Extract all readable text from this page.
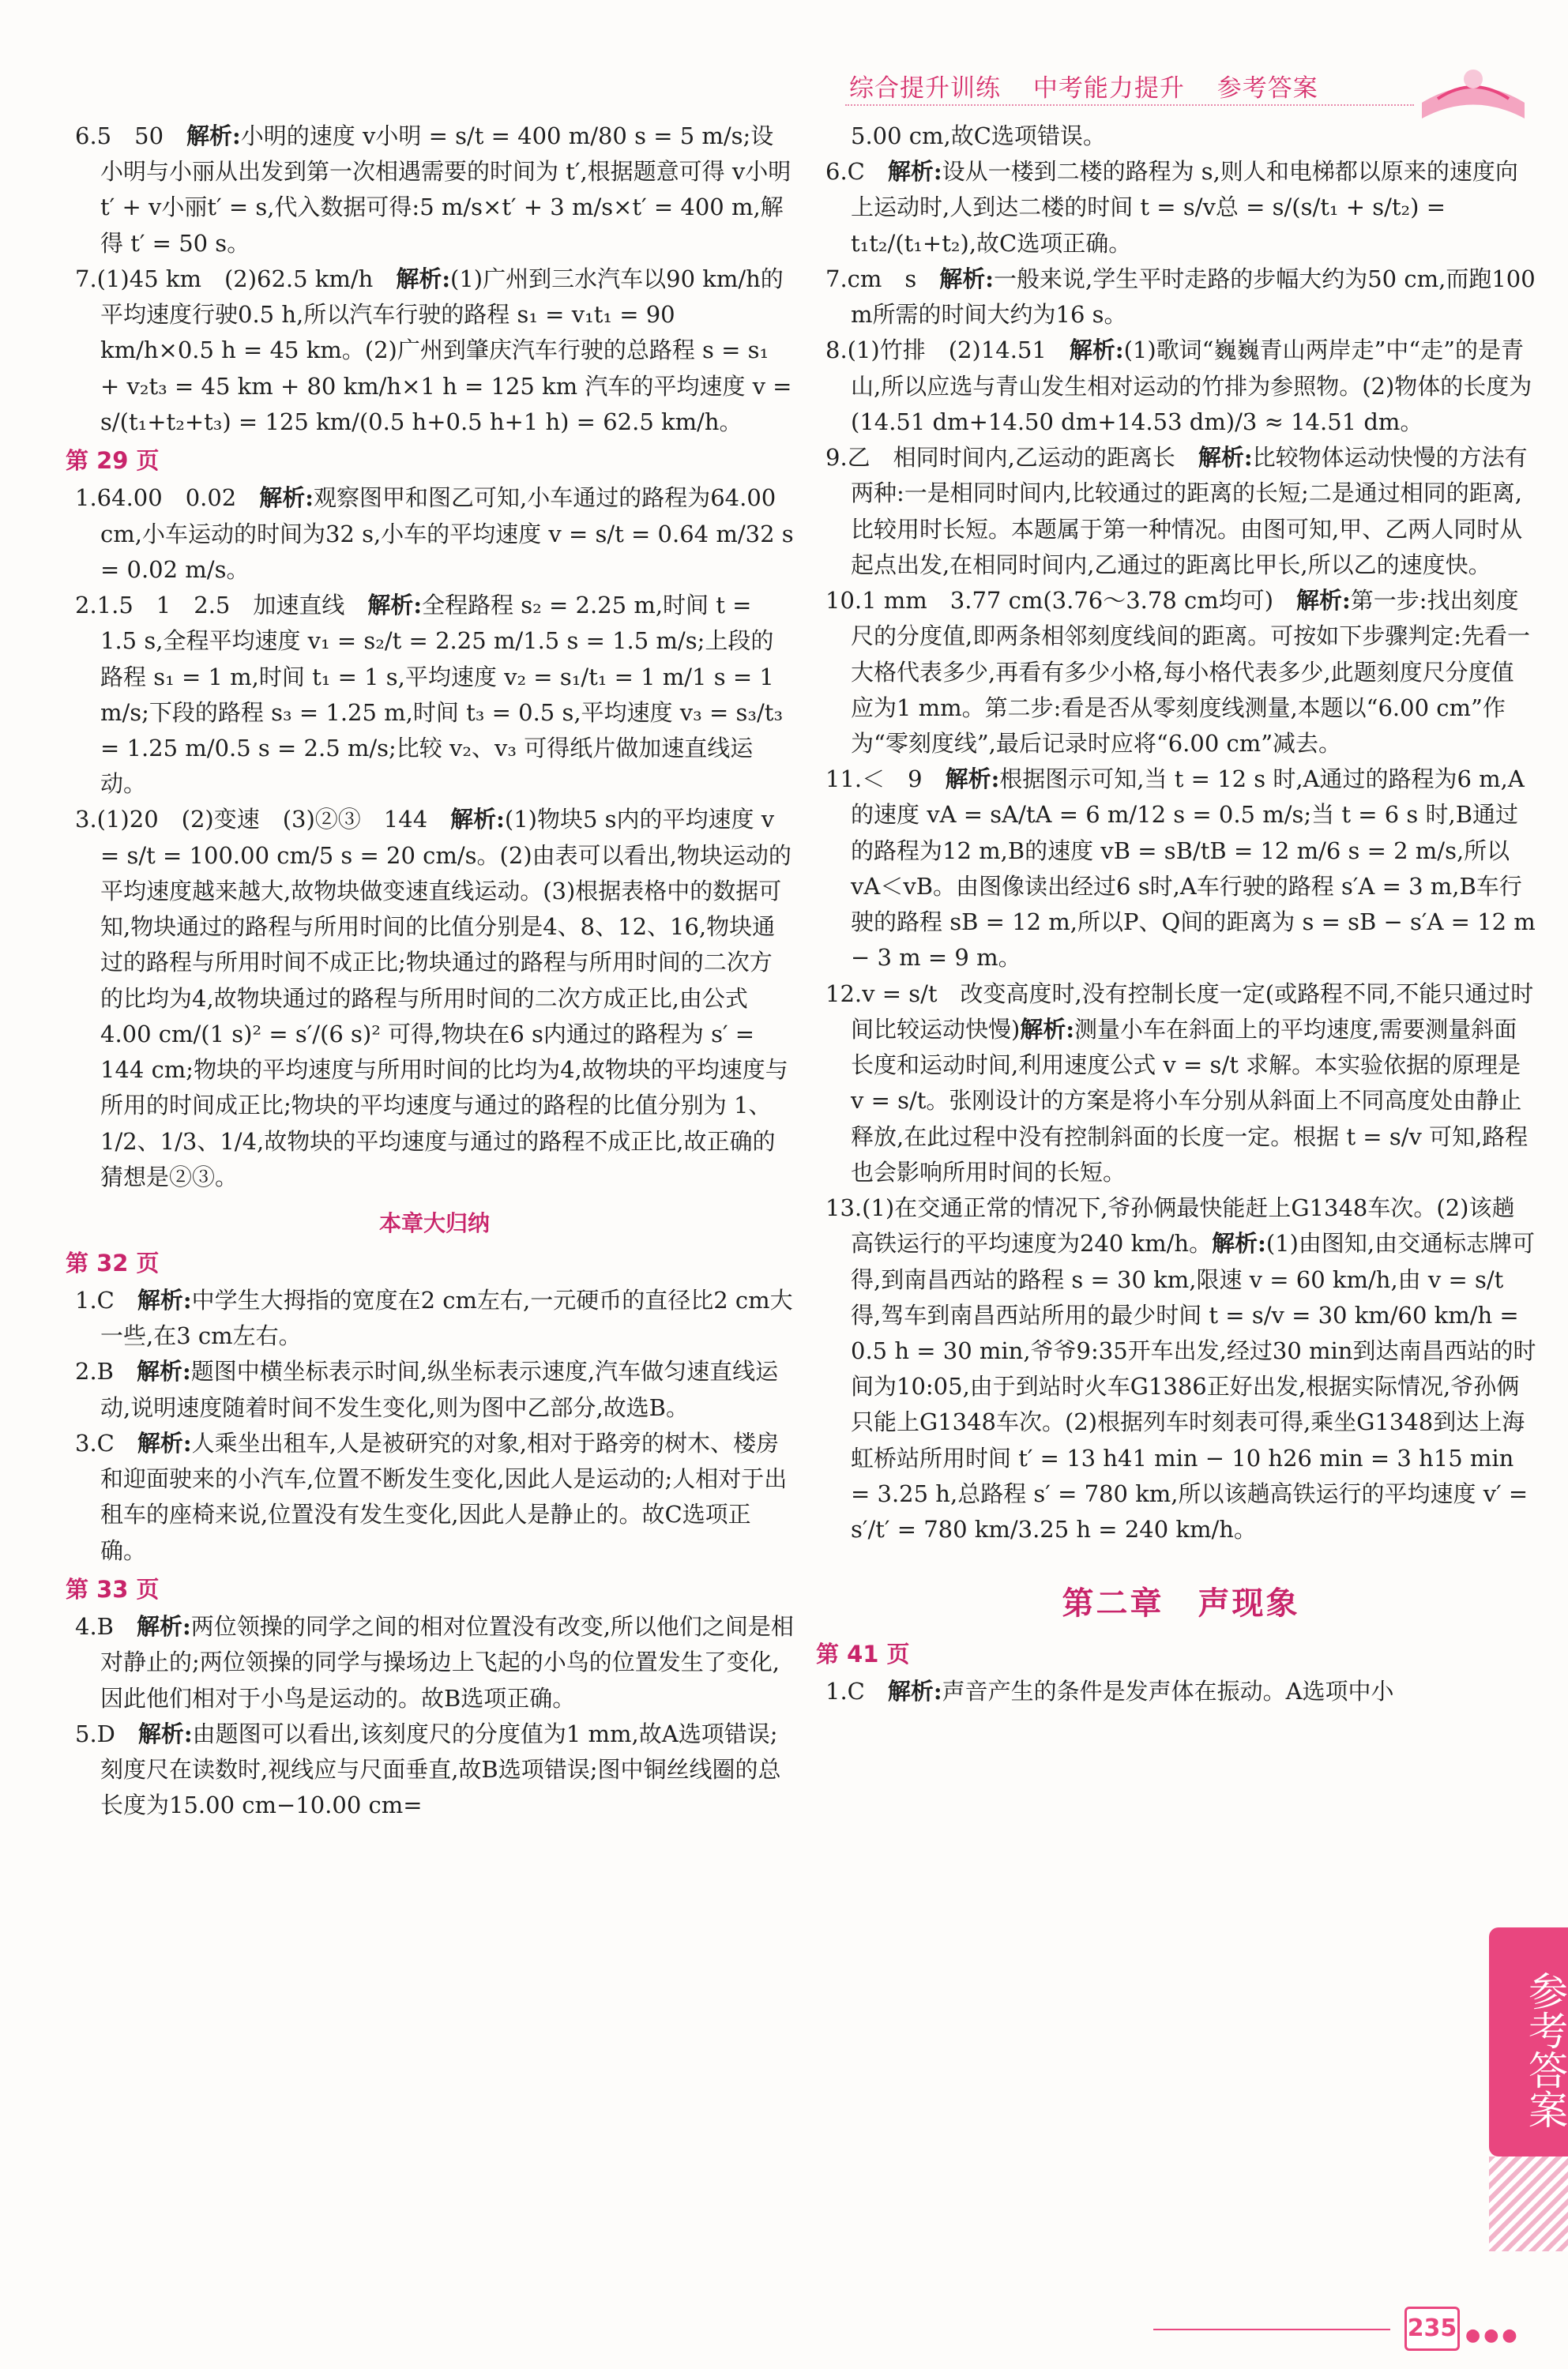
综合提升训练 中考能力提升 参考答案

6.5　50　解析:小明的速度 v小明 = s/t = 400 m/80 s = 5 m/s;设小明与小丽从出发到第一次相遇需要的时间为 t′,根据题意可得 v小明t′ + v小丽t′ = s,代入数据可得:5 m/s×t′ + 3 m/s×t′ = 400 m,解得 t′ = 50 s。

7.(1)45 km　(2)62.5 km/h　解析:(1)广州到三水汽车以90 km/h的平均速度行驶0.5 h,所以汽车行驶的路程 s₁ = v₁t₁ = 90 km/h×0.5 h = 45 km。(2)广州到肇庆汽车行驶的总路程 s = s₁ + v₂t₃ = 45 km + 80 km/h×1 h = 125 km 汽车的平均速度 v = s/(t₁+t₂+t₃) = 125 km/(0.5 h+0.5 h+1 h) = 62.5 km/h。

第 29 页

1.64.00　0.02　解析:观察图甲和图乙可知,小车通过的路程为64.00 cm,小车运动的时间为32 s,小车的平均速度 v = s/t = 0.64 m/32 s = 0.02 m/s。

2.1.5　1　2.5　加速直线　解析:全程路程 s₂ = 2.25 m,时间 t = 1.5 s,全程平均速度 v₁ = s₂/t = 2.25 m/1.5 s = 1.5 m/s;上段的路程 s₁ = 1 m,时间 t₁ = 1 s,平均速度 v₂ = s₁/t₁ = 1 m/1 s = 1 m/s;下段的路程 s₃ = 1.25 m,时间 t₃ = 0.5 s,平均速度 v₃ = s₃/t₃ = 1.25 m/0.5 s = 2.5 m/s;比较 v₂、v₃ 可得纸片做加速直线运动。

3.(1)20　(2)变速　(3)②③　144　解析:(1)物块5 s内的平均速度 v = s/t = 100.00 cm/5 s = 20 cm/s。(2)由表可以看出,物块运动的平均速度越来越大,故物块做变速直线运动。(3)根据表格中的数据可知,物块通过的路程与所用时间的比值分别是4、8、12、16,物块通过的路程与所用时间不成正比;物块通过的路程与所用时间的二次方的比均为4,故物块通过的路程与所用时间的二次方成正比,由公式 4.00 cm/(1 s)² = s′/(6 s)² 可得,物块在6 s内通过的路程为 s′ = 144 cm;物块的平均速度与所用时间的比均为4,故物块的平均速度与所用的时间成正比;物块的平均速度与通过的路程的比值分别为 1、1/2、1/3、1/4,故物块的平均速度与通过的路程不成正比,故正确的猜想是②③。

本章大归纳
第 32 页

1.C　解析:中学生大拇指的宽度在2 cm左右,一元硬币的直径比2 cm大一些,在3 cm左右。

2.B　解析:题图中横坐标表示时间,纵坐标表示速度,汽车做匀速直线运动,说明速度随着时间不发生变化,则为图中乙部分,故选B。

3.C　解析:人乘坐出租车,人是被研究的对象,相对于路旁的树木、楼房和迎面驶来的小汽车,位置不断发生变化,因此人是运动的;人相对于出租车的座椅来说,位置没有发生变化,因此人是静止的。故C选项正确。

第 33 页

4.B　解析:两位领操的同学之间的相对位置没有改变,所以他们之间是相对静止的;两位领操的同学与操场边上飞起的小鸟的位置发生了变化,因此他们相对于小鸟是运动的。故B选项正确。

5.D　解析:由题图可以看出,该刻度尺的分度值为1 mm,故A选项错误;刻度尺在读数时,视线应与尺面垂直,故B选项错误;图中铜丝线圈的总长度为15.00 cm−10.00 cm=

5.00 cm,故C选项错误。

6.C　解析:设从一楼到二楼的路程为 s,则人和电梯都以原来的速度向上运动时,人到达二楼的时间 t = s/v总 = s/(s/t₁ + s/t₂) = t₁t₂/(t₁+t₂),故C选项正确。

7.cm　s　解析:一般来说,学生平时走路的步幅大约为50 cm,而跑100 m所需的时间大约为16 s。

8.(1)竹排　(2)14.51　解析:(1)歌词“巍巍青山两岸走”中“走”的是青山,所以应选与青山发生相对运动的竹排为参照物。(2)物体的长度为 (14.51 dm+14.50 dm+14.53 dm)/3 ≈ 14.51 dm。

9.乙　相同时间内,乙运动的距离长　解析:比较物体运动快慢的方法有两种:一是相同时间内,比较通过的距离的长短;二是通过相同的距离,比较用时长短。本题属于第一种情况。由图可知,甲、乙两人同时从起点出发,在相同时间内,乙通过的距离比甲长,所以乙的速度快。

10.1 mm　3.77 cm(3.76～3.78 cm均可)　解析:第一步:找出刻度尺的分度值,即两条相邻刻度线间的距离。可按如下步骤判定:先看一大格代表多少,再看有多少小格,每小格代表多少,此题刻度尺分度值应为1 mm。第二步:看是否从零刻度线测量,本题以“6.00 cm”作为“零刻度线”,最后记录时应将“6.00 cm”减去。

11.＜　9　解析:根据图示可知,当 t = 12 s 时,A通过的路程为6 m,A的速度 vA = sA/tA = 6 m/12 s = 0.5 m/s;当 t = 6 s 时,B通过的路程为12 m,B的速度 vB = sB/tB = 12 m/6 s = 2 m/s,所以 vA＜vB。由图像读出经过6 s时,A车行驶的路程 s′A = 3 m,B车行驶的路程 sB = 12 m,所以P、Q间的距离为 s = sB − s′A = 12 m − 3 m = 9 m。

12.v = s/t　改变高度时,没有控制长度一定(或路程不同,不能只通过时间比较运动快慢)解析:测量小车在斜面上的平均速度,需要测量斜面长度和运动时间,利用速度公式 v = s/t 求解。本实验依据的原理是 v = s/t。张刚设计的方案是将小车分别从斜面上不同高度处由静止释放,在此过程中没有控制斜面的长度一定。根据 t = s/v 可知,路程也会影响所用时间的长短。

13.(1)在交通正常的情况下,爷孙俩最快能赶上G1348车次。(2)该趟高铁运行的平均速度为240 km/h。解析:(1)由图知,由交通标志牌可得,到南昌西站的路程 s = 30 km,限速 v = 60 km/h,由 v = s/t 得,驾车到南昌西站所用的最少时间 t = s/v = 30 km/60 km/h = 0.5 h = 30 min,爷爷9:35开车出发,经过30 min到达南昌西站的时间为10:05,由于到站时火车G1386正好出发,根据实际情况,爷孙俩只能上G1348车次。(2)根据列车时刻表可得,乘坐G1348到达上海虹桥站所用时间 t′ = 13 h41 min − 10 h26 min = 3 h15 min = 3.25 h,总路程 s′ = 780 km,所以该趟高铁运行的平均速度 v′ = s′/t′ = 780 km/3.25 h = 240 km/h。

第二章　声现象
第 41 页

1.C　解析:声音产生的条件是发声体在振动。A选项中小

参考答案
235 ●●●
